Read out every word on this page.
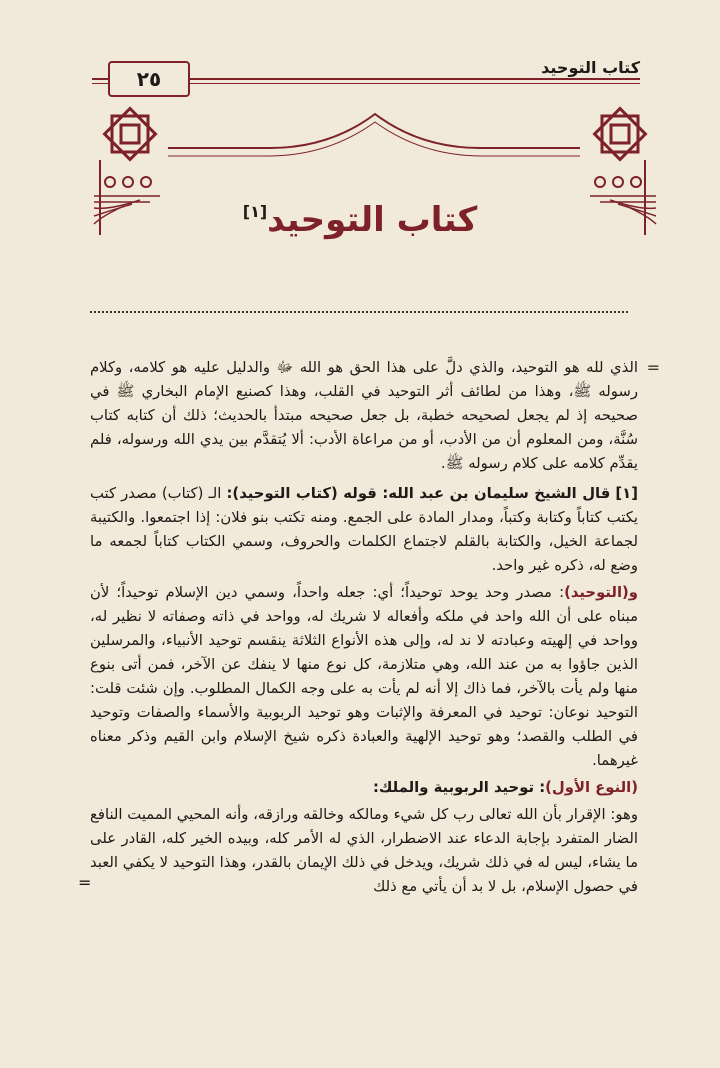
٢٥	كتاب التوحيد
كتاب التوحيد[١]

=
الذي لله هو التوحيد، والذي دلَّ على هذا الحق هو الله ﷻ والدليل عليه هو كلامه، وكلام رسوله ﷺ، وهذا من لطائف أثر التوحيد في القلب، وهذا كصنيع الإمام البخاري ﷺ في صحيحه إذ لم يجعل لصحيحه خطبة، بل جعل صحيحه مبتدأ بالحديث؛ ذلك أن كتابه كتاب سُنَّة، ومن المعلوم أن من الأدب، أو من مراعاة الأدب: ألا يُتقدَّم بين يدي الله ورسوله، فلم يقدِّم كلامه على كلام رسوله ﷺ.

[١] قال الشيخ سليمان بن عبد الله: قوله (كتاب التوحيد): الـ (كتاب) مصدر كتب يكتب كتاباً وكتابة وكتباً، ومدار المادة على الجمع. ومنه تكتب بنو فلان: إذا اجتمعوا. والكتيبة لجماعة الخيل، والكتابة بالقلم لاجتماع الكلمات والحروف، وسمي الكتاب كتاباً لجمعه ما وضع له، ذكره غير واحد.

و(التوحيد): مصدر وحد يوحد توحيداً؛ أي: جعله واحداً، وسمي دين الإسلام توحيداً؛ لأن مبناه على أن الله واحد في ملكه وأفعاله لا شريك له، وواحد في ذاته وصفاته لا نظير له، وواحد في إلهيته وعبادته لا ند له، وإلى هذه الأنواع الثلاثة ينقسم توحيد الأنبياء، والمرسلين الذين جاؤوا به من عند الله، وهي متلازمة، كل نوع منها لا ينفك عن الآخر، فمن أتى بنوع منها ولم يأت بالآخر، فما ذاك إلا أنه لم يأت به على وجه الكمال المطلوب. وإن شئت قلت: التوحيد نوعان: توحيد في المعرفة والإثبات وهو توحيد الربوبية والأسماء والصفات وتوحيد في الطلب والقصد؛ وهو توحيد الإلهية والعبادة ذكره شيخ الإسلام وابن القيم وذكر معناه غيرهما.

(النوع الأول): توحيد الربوبية والملك:

وهو: الإقرار بأن الله تعالى رب كل شيء ومالكه وخالقه ورازقه، وأنه المحيي المميت النافع الضار المتفرد بإجابة الدعاء عند الاضطرار، الذي له الأمر كله، وبيده الخير كله، القادر على ما يشاء، ليس له في ذلك شريك، ويدخل في ذلك الإيمان بالقدر، وهذا التوحيد لا يكفي العبد في حصول الإسلام، بل لا بد أن يأتي مع ذلك
=
